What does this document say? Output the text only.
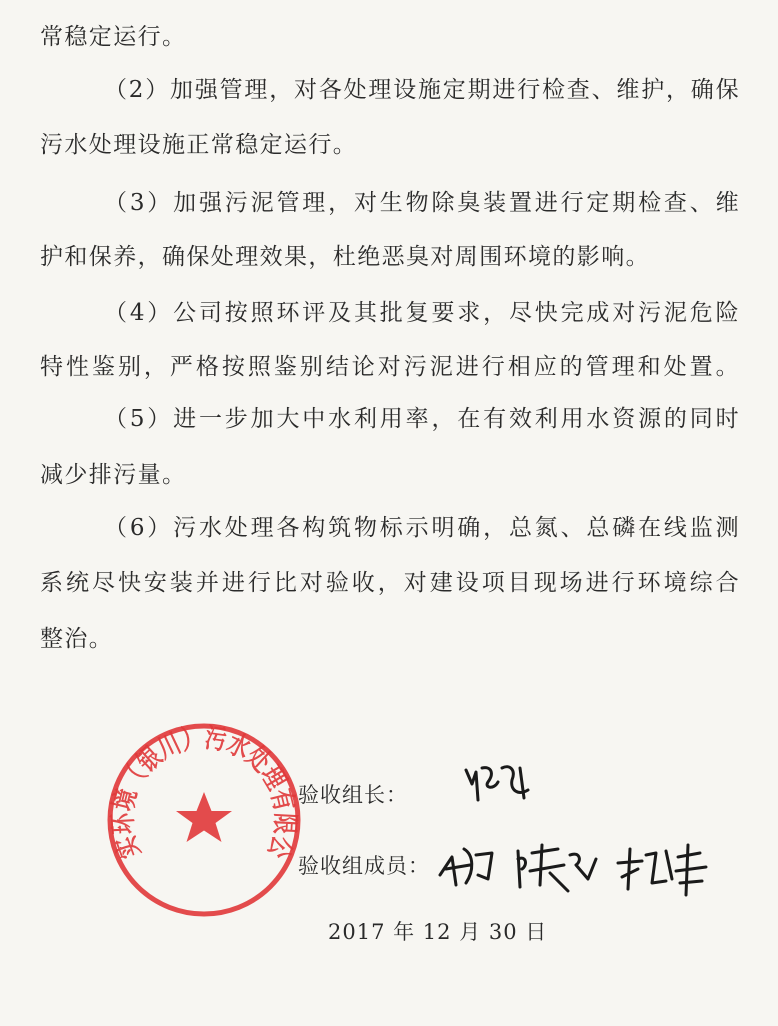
常稳定运行。
（2）加强管理，对各处理设施定期进行检查、维护，确保
污水处理设施正常稳定运行。
（3）加强污泥管理，对生物除臭装置进行定期检查、维
护和保养，确保处理效果，杜绝恶臭对周围环境的影响。
（4）公司按照环评及其批复要求，尽快完成对污泥危险
特性鉴别，严格按照鉴别结论对污泥进行相应的管理和处置。
（5）进一步加大中水利用率，在有效利用水资源的同时
减少排污量。
（6）污水处理各构筑物标示明确，总氮、总磷在线监测
系统尽快安装并进行比对验收，对建设项目现场进行环境综合
整治。
上实环境（银川）污水处理有限公司
验收组长：
验收组成员：
2017 年 12 月 30 日
